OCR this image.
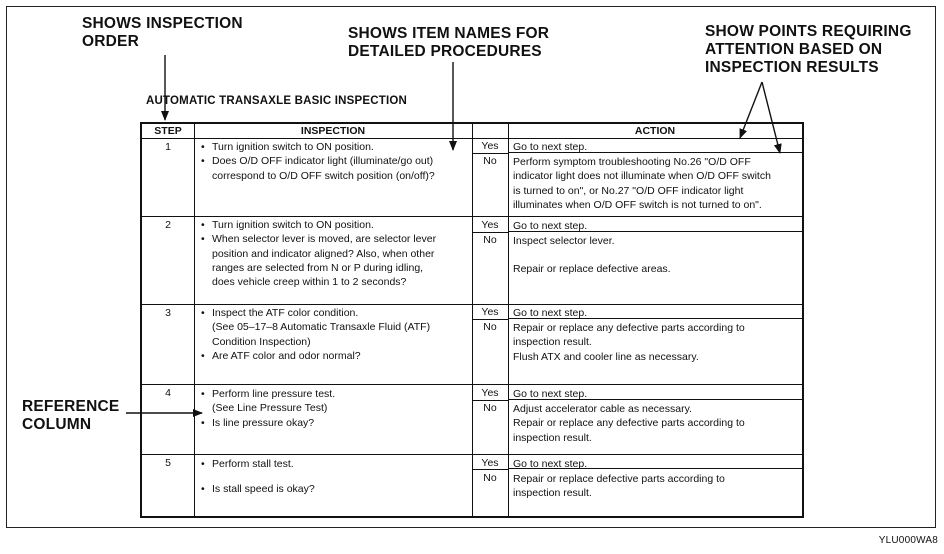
SHOWS INSPECTION
ORDER	SHOWS ITEM NAMES FOR
DETAILED PROCEDURES
SHOW POINTS REQUIRING
ATTENTION BASED ON
INSPECTION RESULTS
REFERENCE
COLUMN
AUTOMATIC TRANSAXLE BASIC INSPECTION
STEP	INSPECTION	ACTION
1	• Turn ignition switch to ON position.
• Does O/D OFF indicator light (illuminate/go out)
correspond to O/D OFF switch position (on/off)?
Yes	Go to next step.
No	Perform symptom troubleshooting No.26 "O/D OFF
indicator light does not illuminate when O/D OFF switch
is turned to on", or No.27 "O/D OFF indicator light
illuminates when O/D OFF switch is not turned to on".
2	• Turn ignition switch to ON position.
• When selector lever is moved, are selector lever
position and indicator aligned? Also, when other
ranges are selected from N or P during idling,
does vehicle creep within 1 to 2 seconds?
Yes	Go to next step.
No	Inspect selector lever.
Repair or replace defective areas.
3	• Inspect the ATF color condition.
(See 05–17–8 Automatic Transaxle Fluid (ATF)
Condition Inspection)
• Are ATF color and odor normal?
Yes	Go to next step.
No	Repair or replace any defective parts according to
inspection result.
Flush ATX and cooler line as necessary.
4	• Perform line pressure test.
(See Line Pressure Test)
• Is line pressure okay?
Yes	Go to next step.
No	Adjust accelerator cable as necessary.
Repair or replace any defective parts according to
inspection result.
5	• Perform stall test.
• Is stall speed is okay?
Yes	Go to next step.
No	Repair or replace defective parts according to
inspection result.
YLU000WA8
